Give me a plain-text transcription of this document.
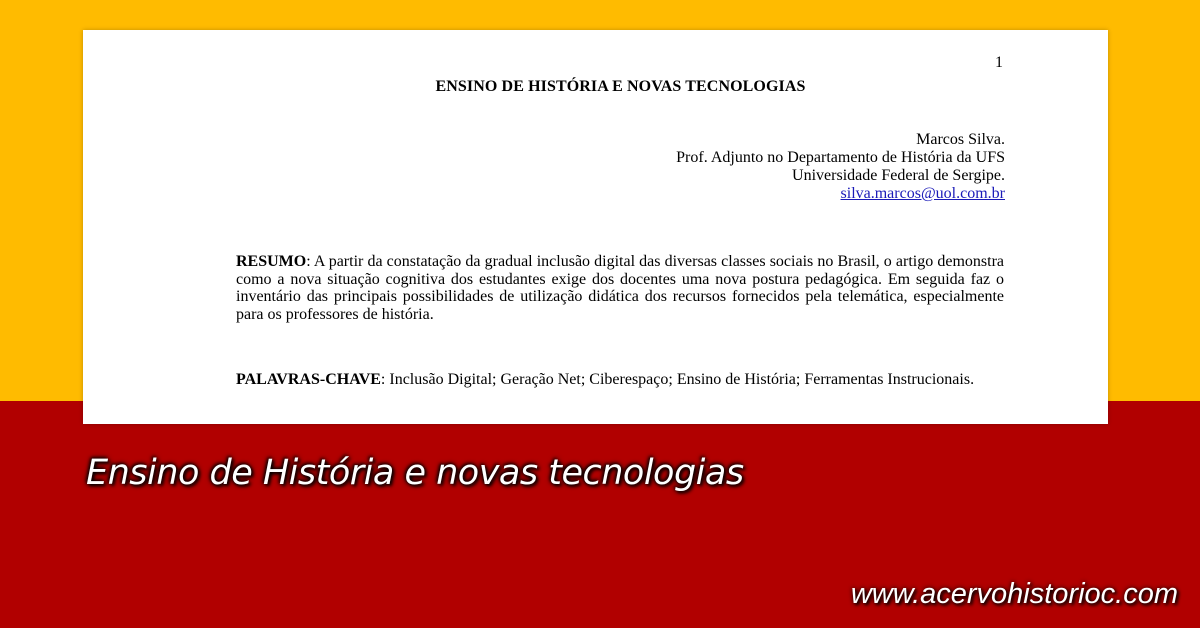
1
ENSINO DE HISTÓRIA E NOVAS TECNOLOGIAS
Marcos Silva.
Prof. Adjunto no Departamento de História da UFS
Universidade Federal de Sergipe.
silva.marcos@uol.com.br
RESUMO: A partir da constatação da gradual inclusão digital das diversas classes sociais no Brasil, o artigo demonstra como a nova situação cognitiva dos estudantes exige dos docentes uma nova postura pedagógica. Em seguida faz o inventário das principais possibilidades de utilização didática dos recursos fornecidos pela telemática, especialmente para os professores de história.
PALAVRAS-CHAVE: Inclusão Digital; Geração Net; Ciberespaço; Ensino de História; Ferramentas Instrucionais.
Ensino de História e novas tecnologias
www.acervohistorioc.com
